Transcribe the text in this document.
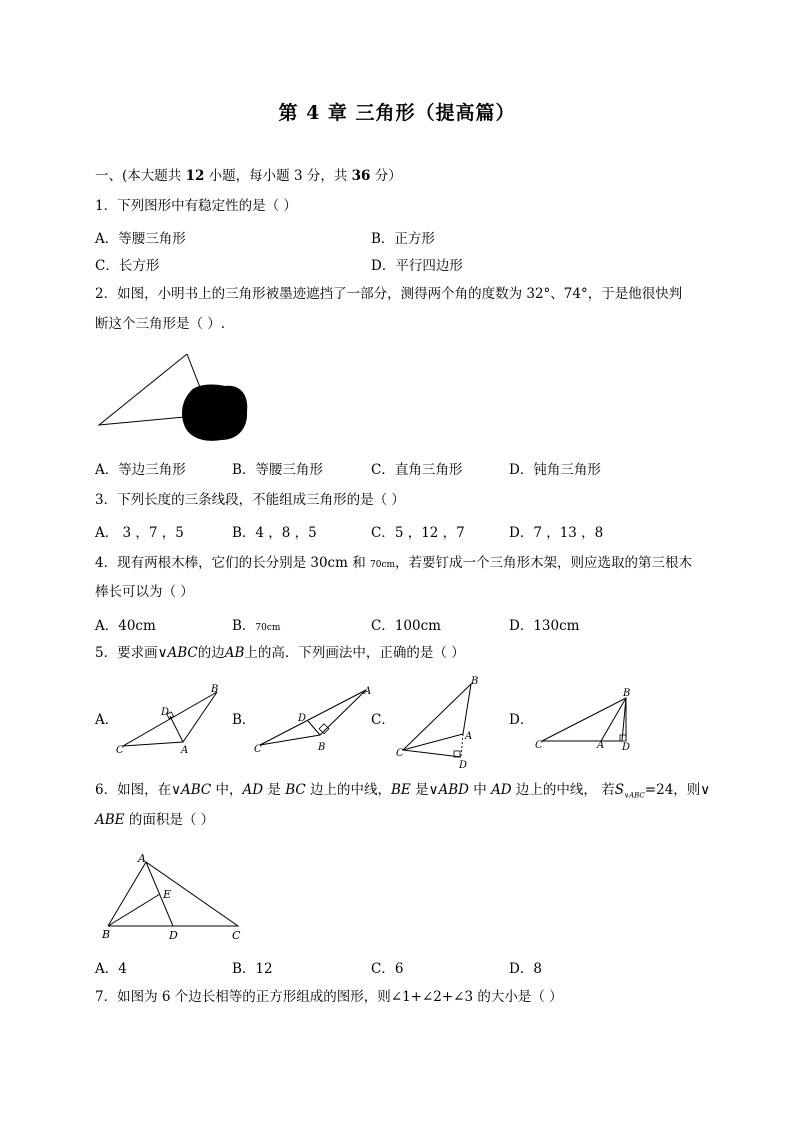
第 4 章 三角形（提高篇）
一、(本大题共 12 小题，每小题 3 分，共 36 分）
1．下列图形中有稳定性的是（ ）
A．等腰三角形	B．正方形
C．长方形	D．平行四边形
2．如图，小明书上的三角形被墨迹遮挡了一部分，测得两个角的度数为 32°、74°，于是他很快判
断这个三角形是（ ）.
A．等边三角形	B．等腰三角形	C．直角三角形	D．钝角三角形
3．下列长度的三条线段，不能组成三角形的是（ ）
A． 3 ，7 ，5	B．4 ，8 ，5	C．5 ，12 ，7	D．7 ，13 ，8
4．现有两根木棒，它们的长分别是 30cm 和 70cm，若要钉成一个三角形木架，则应选取的第三根木
棒长可以为（ ）
A．40cm	B．70cm	C．100cm	D．130cm
5．要求画∨ABC的边AB上的高．下列画法中，正确的是（ ）
A．
C	A
B
D	B．
C	B
A
D	C．
C
B
A
D
D．
C	A D
B
6．如图，在∨ABC 中，AD 是 BC 边上的中线，BE 是∨ABD 中 AD 边上的中线， 若$S_{\vee ABC}=24$，则∨
ABE 的面积是（ ）
A
B	D	C
E
A．4	B．12	C．6	D．8
7．如图为 6 个边长相等的正方形组成的图形，则∠1+∠2+∠3 的大小是（ ）
